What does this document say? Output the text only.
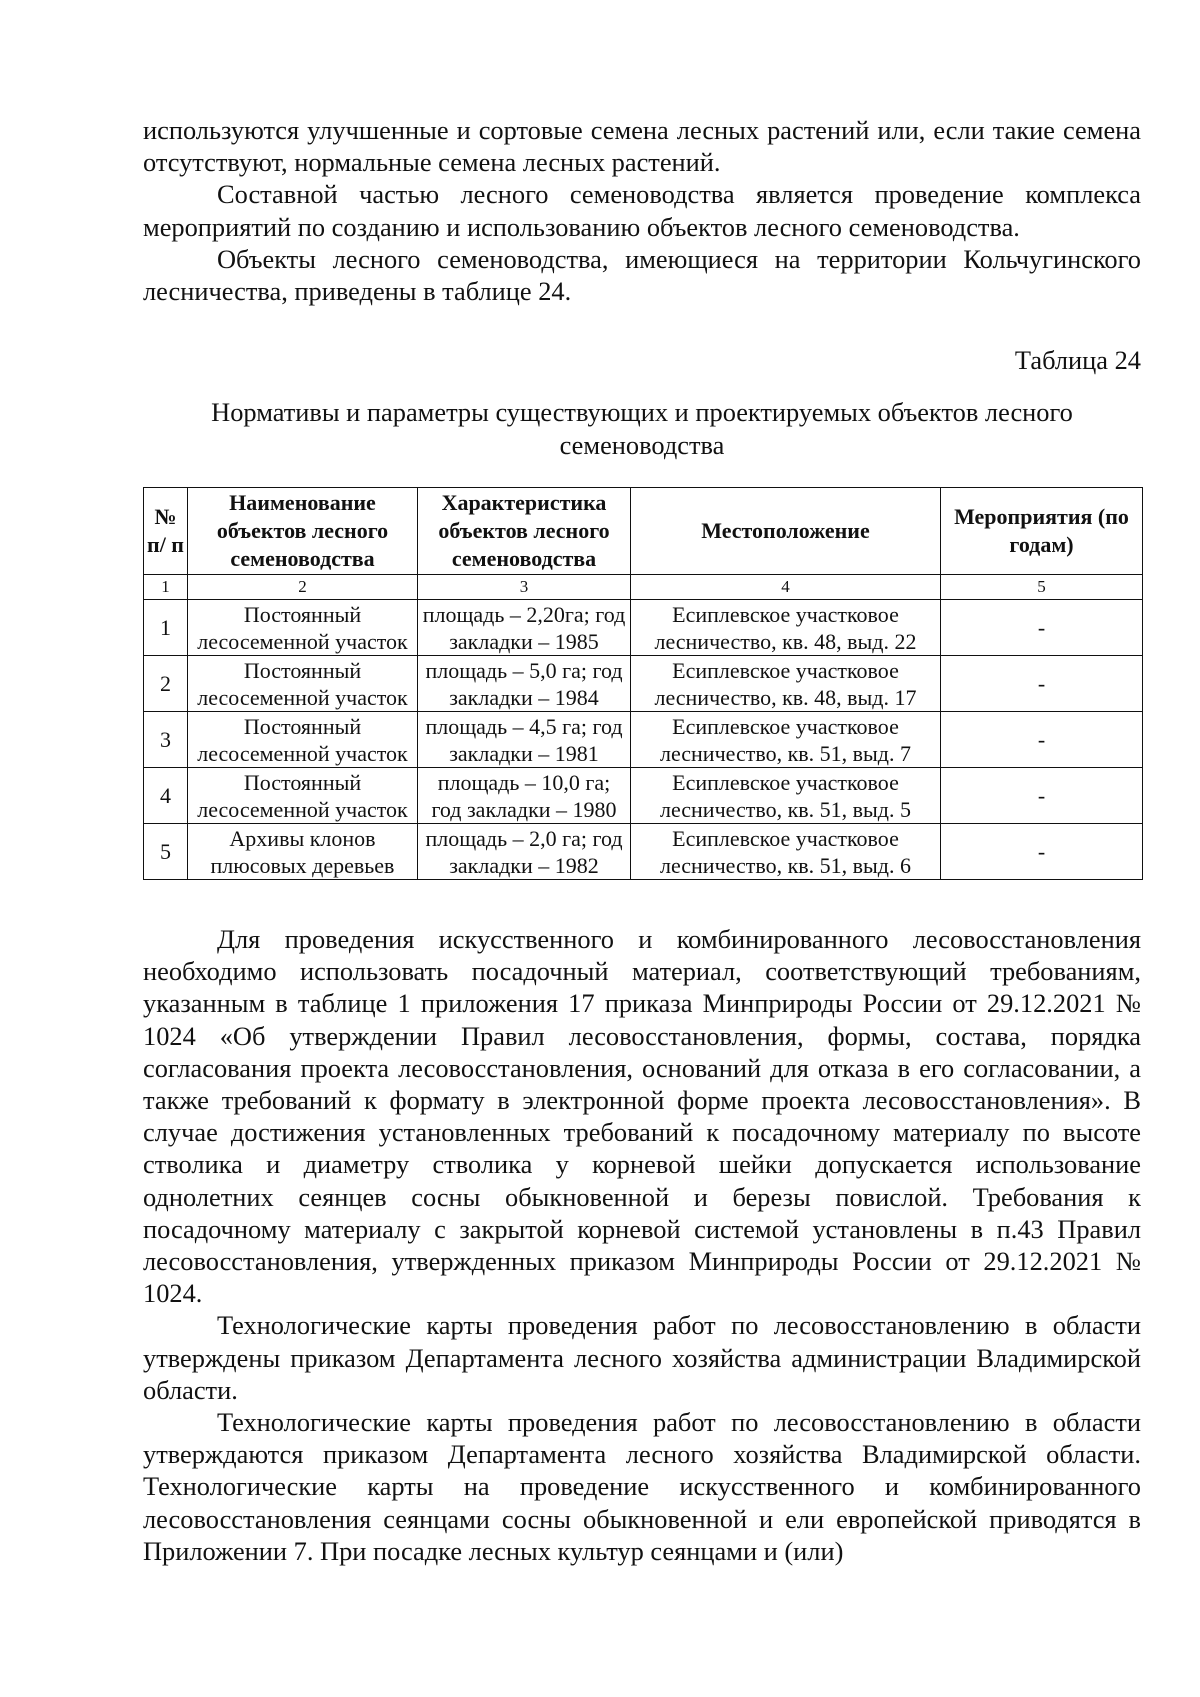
используются улучшенные и сортовые семена лесных растений или, если такие семена отсутствуют, нормальные семена лесных растений.

Составной частью лесного семеноводства является проведение комплекса мероприятий по созданию и использованию объектов лесного семеноводства.

Объекты лесного семеноводства, имеющиеся на территории Кольчугинского лесничества, приведены в таблице 24.

Таблица 24
Нормативы и параметры существующих и проектируемых объектов лесного семеноводства
№ п/ п	Наименование объектов лесного семеноводства	Характеристика объектов лесного семеноводства	Местоположение	Мероприятия (по годам)
1	2	3	4	5
1	Постоянный лесосеменной участок	площадь – 2,20га; год закладки – 1985	Есиплевское участковое лесничество, кв. 48, выд. 22	-
2	Постоянный лесосеменной участок	площадь – 5,0 га; год закладки – 1984	Есиплевское участковое лесничество, кв. 48, выд. 17	-
3	Постоянный лесосеменной участок	площадь – 4,5 га; год закладки – 1981	Есиплевское участковое лесничество, кв. 51, выд. 7	-
4	Постоянный лесосеменной участок	площадь – 10,0 га; год закладки – 1980	Есиплевское участковое лесничество, кв. 51, выд. 5	-
5	Архивы клонов плюсовых деревьев	площадь – 2,0 га; год закладки – 1982	Есиплевское участковое лесничество, кв. 51, выд. 6	-

Для проведения искусственного и комбинированного лесовосстановления необходимо использовать посадочный материал, соответствующий требованиям, указанным в таблице 1 приложения 17 приказа Минприроды России от 29.12.2021 № 1024 «Об утверждении Правил лесовосстановления, формы, состава, порядка согласования проекта лесовосстановления, оснований для отказа в его согласовании, а также требований к формату в электронной форме проекта лесовосстановления». В случае достижения установленных требований к посадочному материалу по высоте стволика и диаметру стволика у корневой шейки допускается использование однолетних сеянцев сосны обыкновенной и березы повислой. Требования к посадочному материалу с закрытой корневой системой установлены в п.43 Правил лесовосстановления, утвержденных приказом Минприроды России от 29.12.2021 № 1024.

Технологические карты проведения работ по лесовосстановлению в области утверждены приказом Департамента лесного хозяйства администрации Владимирской области.

Технологические карты проведения работ по лесовосстановлению в области утверждаются приказом Департамента лесного хозяйства Владимирской области. Технологические карты на проведение искусственного и комбинированного лесовосстановления сеянцами сосны обыкновенной и ели европейской приводятся в Приложении 7. При посадке лесных культур сеянцами и (или)
